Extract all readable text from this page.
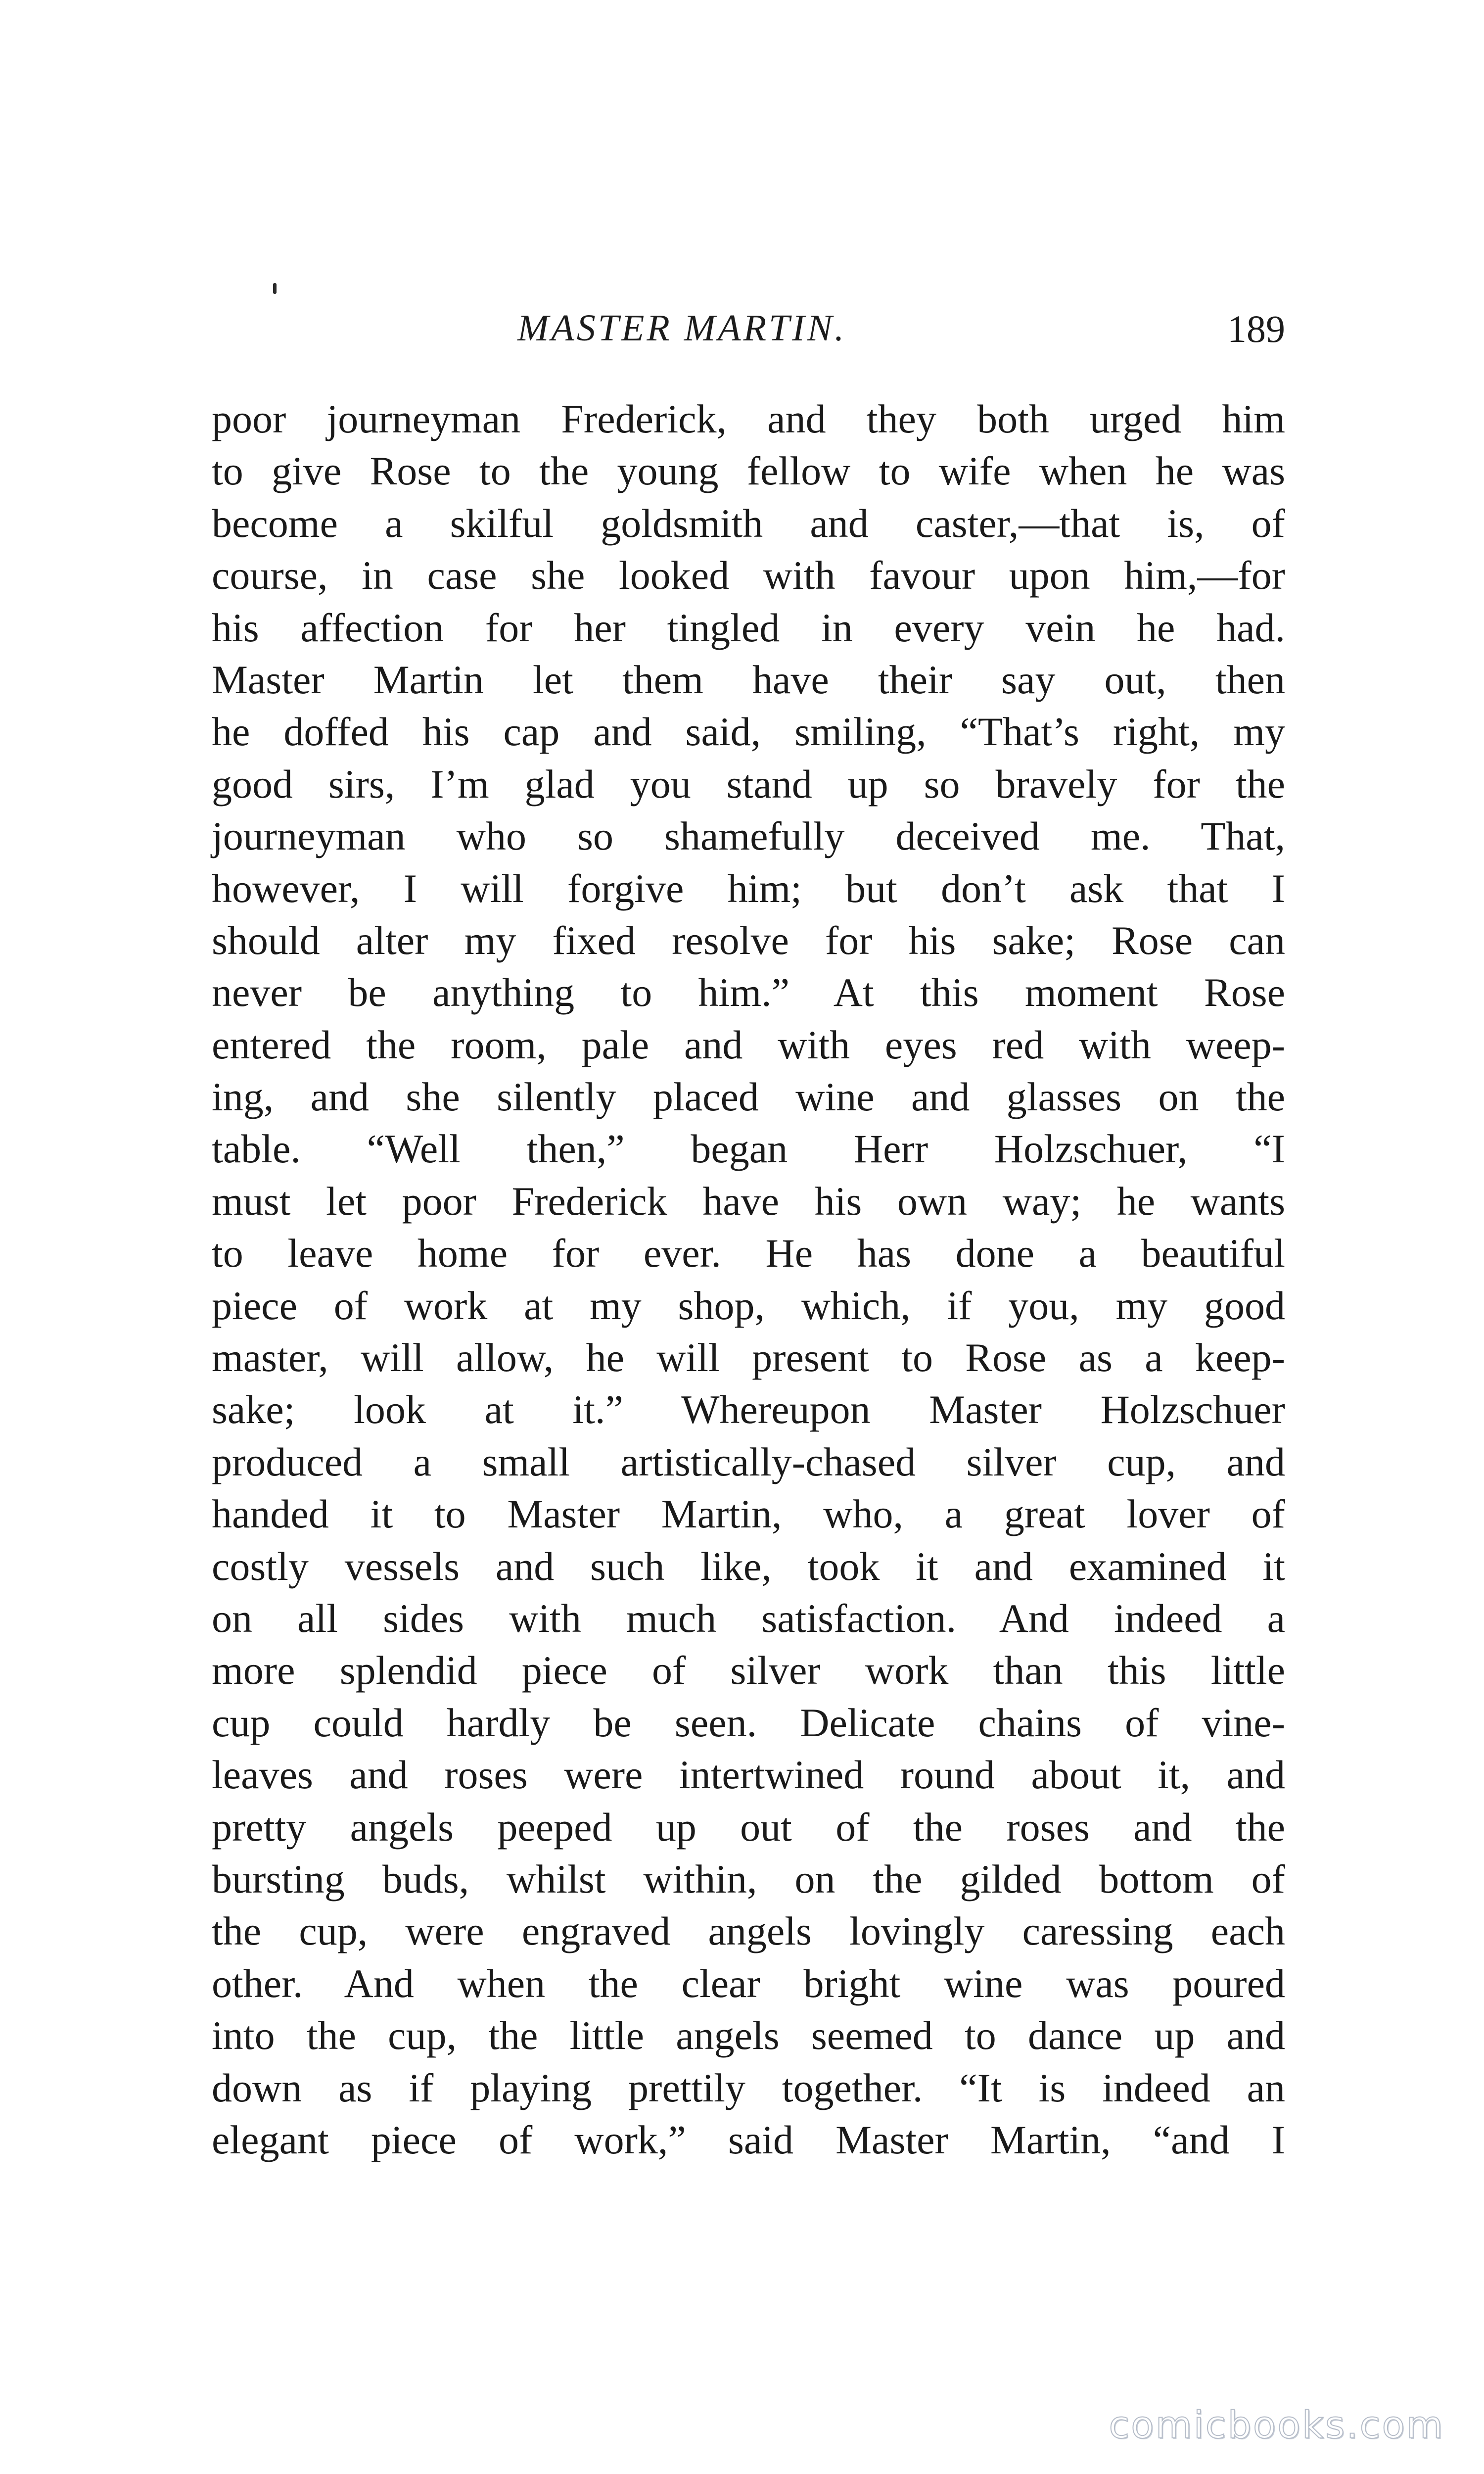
MASTER MARTIN.	189
poor journeyman Frederick, and they both urged him
to give Rose to the young fellow to wife when he was
become a skilful goldsmith and caster,—that is, of
course, in case she looked with favour upon him,—for
his affection for her tingled in every vein he had.
Master Martin let them have their say out, then
he doffed his cap and said, smiling, “That’s right, my
good sirs, I’m glad you stand up so bravely for the
journeyman who so shamefully deceived me. That,
however, I will forgive him; but don’t ask that I
should alter my fixed resolve for his sake; Rose can
never be anything to him.” At this moment Rose
entered the room, pale and with eyes red with weep-
ing, and she silently placed wine and glasses on the
table. “Well then,” began Herr Holzschuer, “I
must let poor Frederick have his own way; he wants
to leave home for ever. He has done a beautiful
piece of work at my shop, which, if you, my good
master, will allow, he will present to Rose as a keep-
sake; look at it.” Whereupon Master Holzschuer
produced a small artistically-chased silver cup, and
handed it to Master Martin, who, a great lover of
costly vessels and such like, took it and examined it
on all sides with much satisfaction. And indeed a
more splendid piece of silver work than this little
cup could hardly be seen. Delicate chains of vine-
leaves and roses were intertwined round about it, and
pretty angels peeped up out of the roses and the
bursting buds, whilst within, on the gilded bottom of
the cup, were engraved angels lovingly caressing each
other. And when the clear bright wine was poured
into the cup, the little angels seemed to dance up and
down as if playing prettily together. “It is indeed an
elegant piece of work,” said Master Martin, “and I
comicbooks.com
